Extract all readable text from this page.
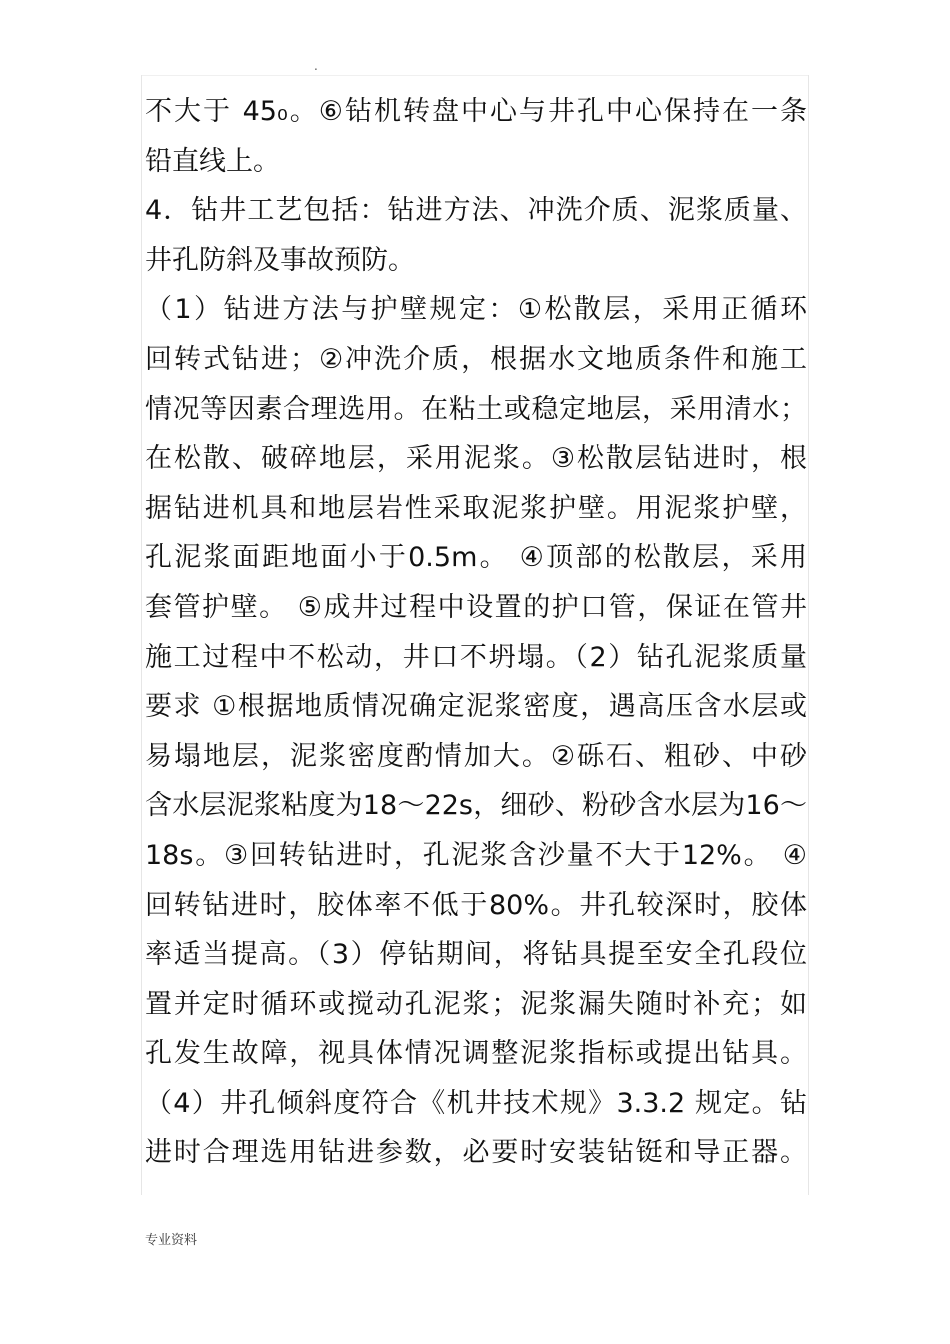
.
不大于 45₀。⑥钻机转盘中心与井孔中心保持在一条
铅直线上。
4．钻井工艺包括：钻进方法、冲洗介质、泥浆质量、
井孔防斜及事故预防。
（1）钻进方法与护壁规定：①松散层，采用正循环
回转式钻进；②冲洗介质，根据水文地质条件和施工
情况等因素合理选用。在粘土或稳定地层，采用清水；
在松散、破碎地层，采用泥浆。③松散层钻进时，根
据钻进机具和地层岩性采取泥浆护壁。用泥浆护壁，
孔泥浆面距地面小于0.5m。 ④顶部的松散层，采用
套管护壁。 ⑤成井过程中设置的护口管，保证在管井
施工过程中不松动，井口不坍塌。（2）钻孔泥浆质量
要求 ①根据地质情况确定泥浆密度，遇高压含水层或
易塌地层，泥浆密度酌情加大。②砾石、粗砂、中砂
含水层泥浆粘度为18～22s，细砂、粉砂含水层为16～
18s。③回转钻进时，孔泥浆含沙量不大于12%。 ④
回转钻进时，胶体率不低于80%。井孔较深时，胶体
率适当提高。（3）停钻期间，将钻具提至安全孔段位
置并定时循环或搅动孔泥浆；泥浆漏失随时补充；如
孔发生故障，视具体情况调整泥浆指标或提出钻具。
（4）井孔倾斜度符合《机井技术规》3.3.2 规定。钻
进时合理选用钻进参数，必要时安装钻铤和导正器。
专业资料
